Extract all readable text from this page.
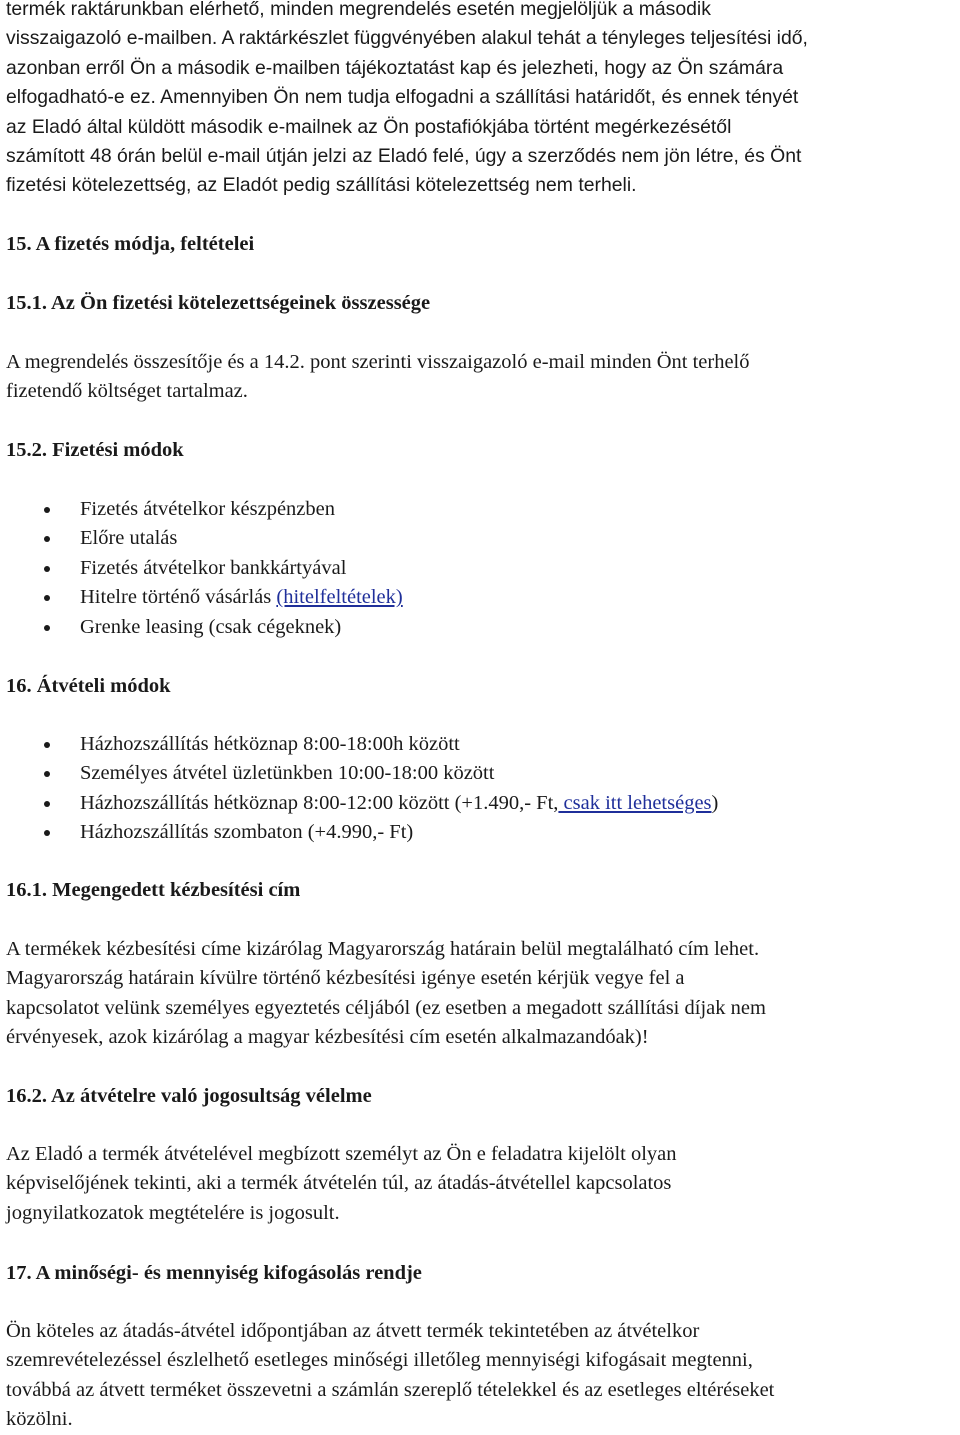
termék raktárunkban elérhető, minden megrendelés esetén megjelöljük a második
visszaigazoló e-mailben. A raktárkészlet függvényében alakul tehát a tényleges teljesítési idő,
azonban erről Ön a második e-mailben tájékoztatást kap és jelezheti, hogy az Ön számára
elfogadható-e ez. Amennyiben Ön nem tudja elfogadni a szállítási határidőt, és ennek tényét
az Eladó által küldött második e-mailnek az Ön postafiókjába történt megérkezésétől
számított 48 órán belül e-mail útján jelzi az Eladó felé, úgy a szerződés nem jön létre, és Önt
fizetési kötelezettség, az Eladót pedig szállítási kötelezettség nem terheli.
15. A fizetés módja, feltételei
15.1. Az Ön fizetési kötelezettségeinek összessége
A megrendelés összesítője és a 14.2. pont szerinti visszaigazoló e-mail minden Önt terhelő
fizetendő költséget tartalmaz.
15.2. Fizetési módok
Fizetés átvételkor készpénzben
Előre utalás
Fizetés átvételkor bankkártyával
Hitelre történő vásárlás (hitelfeltételek)
Grenke leasing (csak cégeknek)
16. Átvételi módok
Házhozszállítás hétköznap 8:00-18:00h között
Személyes átvétel üzletünkben 10:00-18:00 között
Házhozszállítás hétköznap 8:00-12:00 között (+1.490,- Ft, csak itt lehetséges)
Házhozszállítás szombaton (+4.990,- Ft)
16.1. Megengedett kézbesítési cím
A termékek kézbesítési címe kizárólag Magyarország határain belül megtalálható cím lehet.
Magyarország határain kívülre történő kézbesítési igénye esetén kérjük vegye fel a
kapcsolatot velünk személyes egyeztetés céljából (ez esetben a megadott szállítási díjak nem
érvényesek, azok kizárólag a magyar kézbesítési cím esetén alkalmazandóak)!
16.2. Az átvételre való jogosultság vélelme
Az Eladó a termék átvételével megbízott személyt az Ön e feladatra kijelölt olyan
képviselőjének tekinti, aki a termék átvételén túl, az átadás-átvétellel kapcsolatos
jognyilatkozatok megtételére is jogosult.
17. A minőségi- és mennyiség kifogásolás rendje
Ön köteles az átadás-átvétel időpontjában az átvett termék tekintetében az átvételkor
szemrevételezéssel észlelhető esetleges minőségi illetőleg mennyiségi kifogásait megtenni,
továbbá az átvett terméket összevetni a számlán szereplő tételekkel és az esetleges eltéréseket
közölni.
